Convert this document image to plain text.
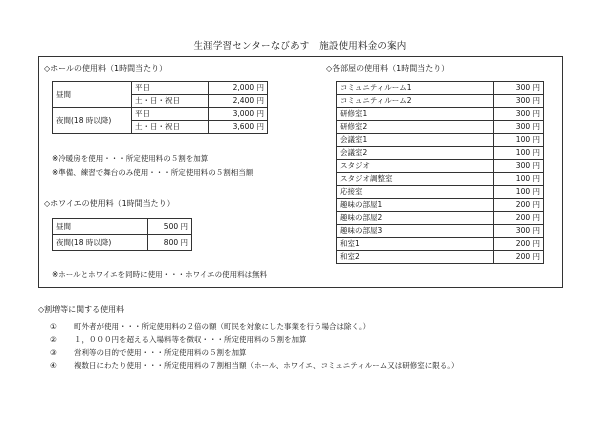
生涯学習センターなびあす　施設使用料金の案内
◇ホールの使用料（1時間当たり）
昼間	平日	2,000 円
	土・日・祝日	2,400 円
夜間(18 時以降)	平日	3,000 円
	土・日・祝日	3,600 円
※冷暖房を使用・・・所定使用料の５割を加算
※準備、練習で舞台のみ使用・・・所定使用料の５割相当額
◇ホワイエの使用料（1時間当たり）
昼間	500 円
夜間(18 時以降)	800 円
※ホールとホワイエを同時に使用・・・ホワイエの使用料は無料
◇各部屋の使用料（1時間当たり）
コミュニティルーム1	300 円
コミュニティルーム2	300 円
研修室1	300 円
研修室2	300 円
会議室1	100 円
会議室2	100 円
スタジオ	300 円
スタジオ調整室	100 円
応接室	100 円
趣味の部屋1	200 円
趣味の部屋2	200 円
趣味の部屋3	300 円
和室1	200 円
和室2	200 円
◇割増等に関する使用料
① 町外者が使用・・・所定使用料の２倍の額（町民を対象にした事業を行う場合は除く。）
② １，０００円を超える入場料等を徴収・・・所定使用料の５割を加算
③ 営利等の目的で使用・・・所定使用料の５割を加算
④ 複数日にわたり使用・・・所定使用料の７割相当額（ホール、ホワイエ、コミュニティルーム又は研修室に限る。）
